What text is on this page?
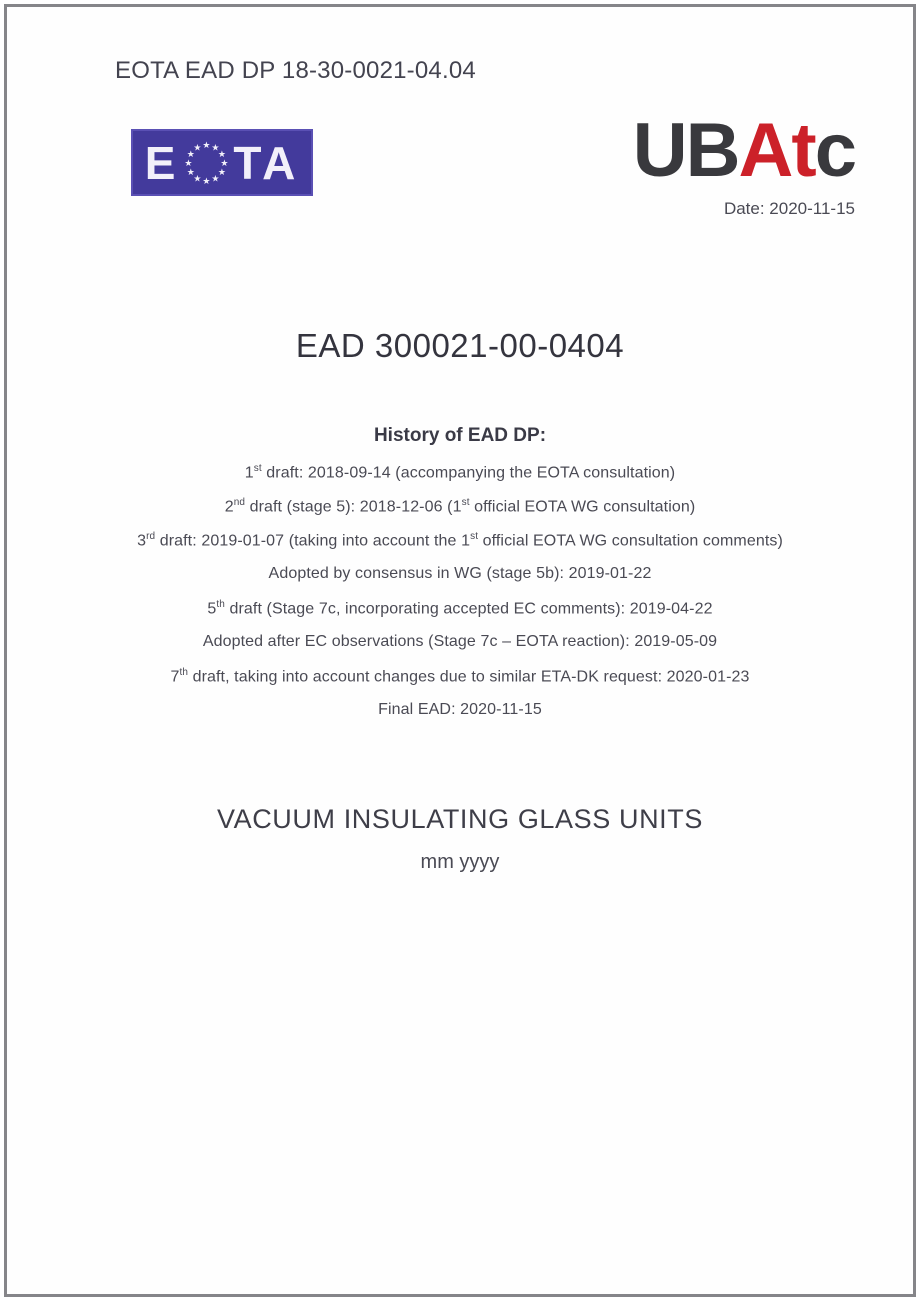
EOTA EAD DP 18-30-0021-04.04
E	★ ★
★
★
★
★
★
★
★
★
★
★ TA	UBAtc
Date: 2020-11-15
EAD 300021-00-0404
History of EAD DP:
1st draft: 2018-09-14 (accompanying the EOTA consultation)
2nd draft (stage 5): 2018-12-06 (1st official EOTA WG consultation)
3rd draft: 2019-01-07 (taking into account the 1st official EOTA WG consultation comments)
Adopted by consensus in WG (stage 5b): 2019-01-22
5th draft (Stage 7c, incorporating accepted EC comments): 2019-04-22
Adopted after EC observations (Stage 7c – EOTA reaction): 2019-05-09
7th draft, taking into account changes due to similar ETA-DK request: 2020-01-23
Final EAD: 2020-11-15
VACUUM INSULATING GLASS UNITS
mm yyyy
